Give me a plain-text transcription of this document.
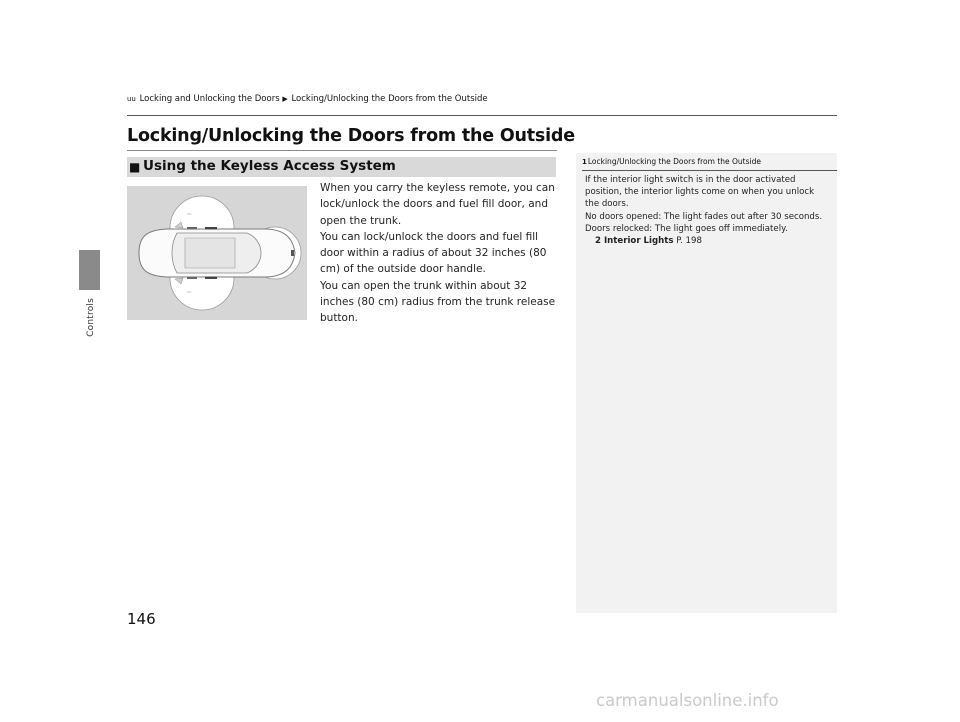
Controls
uu Locking and Unlocking the Doors ▶ Locking/Unlocking the Doors from the Outside
Locking/Unlocking the Doors from the Outside
■ Using the Keyless Access System

When you carry the keyless remote, you can lock/unlock the doors and fuel fill door, and open the trunk.

You can lock/unlock the doors and fuel fill door within a radius of about 32 inches (80 cm) of the outside door handle.

You can open the trunk within about 32 inches (80 cm) radius from the trunk release button.

1Locking/Unlocking the Doors from the Outside

If the interior light switch is in the door activated position, the interior lights come on when you unlock the doors.

No doors opened: The light fades out after 30 seconds.

Doors relocked: The light goes off immediately.

2 Interior Lights P. 198

146
carmanualsonline.info
